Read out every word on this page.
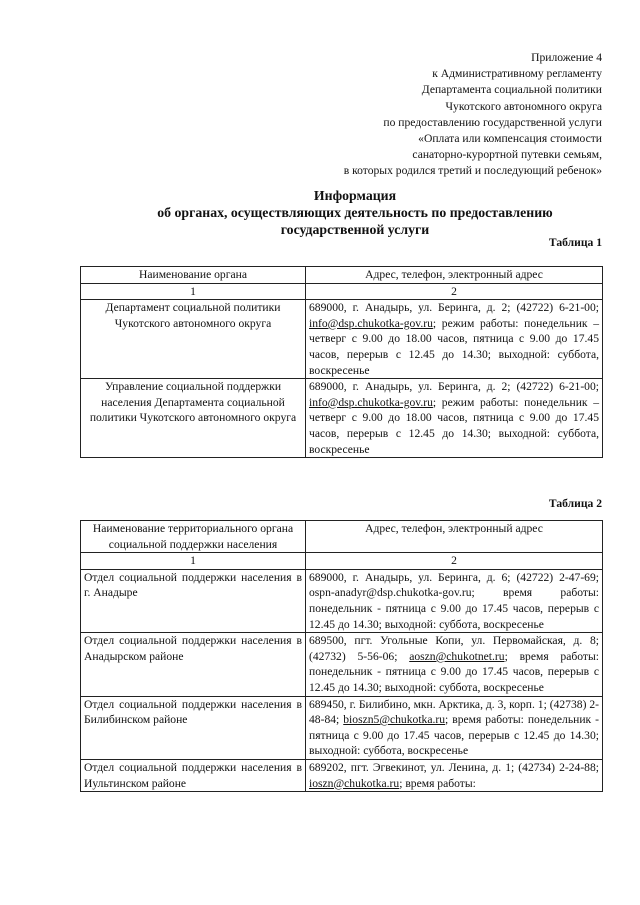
Приложение 4
к Административному регламенту
Департамента социальной политики
Чукотского автономного округа
по предоставлению государственной услуги
«Оплата или компенсация стоимости
санаторно-курортной путевки семьям,
в которых родился третий и последующий ребенок»
Информация
об органах, осуществляющих деятельность по предоставлению
государственной услуги
Таблица 1
Наименование органа	Адрес, телефон, электронный адрес
1	2
Департамент социальной политики Чукотского автономного округа	689000, г. Анадырь, ул. Беринга, д. 2; (42722) 6-21-00; info@dsp.chukotka-gov.ru; режим работы: понедельник – четверг с 9.00 до 18.00 часов, пятница с 9.00 до 17.45 часов, перерыв с 12.45 до 14.30; выходной: суббота, воскресенье
Управление социальной поддержки населения Департамента социальной политики Чукотского автономного округа	689000, г. Анадырь, ул. Беринга, д. 2; (42722) 6-21-00; info@dsp.chukotka-gov.ru; режим работы: понедельник – четверг с 9.00 до 18.00 часов, пятница с 9.00 до 17.45 часов, перерыв с 12.45 до 14.30; выходной: суббота, воскресенье
Таблица 2
Наименование территориального органа социальной поддержки населения	Адрес, телефон, электронный адрес
1	2
Отдел социальной поддержки населения в г. Анадыре	689000, г. Анадырь, ул. Беринга, д. 6; (42722) 2-47-69; ospn-anadyr@dsp.chukotka-gov.ru; время работы: понедельник - пятница с 9.00 до 17.45 часов, перерыв с 12.45 до 14.30; выходной: суббота, воскресенье
Отдел социальной поддержки населения в Анадырском районе	689500, пгт. Угольные Копи, ул. Первомайская, д. 8; (42732) 5-56-06; aoszn@chukotnet.ru; время работы: понедельник - пятница с 9.00 до 17.45 часов, перерыв с 12.45 до 14.30; выходной: суббота, воскресенье
Отдел социальной поддержки населения в Билибинском районе	689450, г. Билибино, мкн. Арктика, д. 3, корп. 1; (42738) 2-48-84; bioszn5@chukotka.ru; время работы: понедельник - пятница с 9.00 до 17.45 часов, перерыв с 12.45 до 14.30; выходной: суббота, воскресенье
Отдел социальной поддержки населения в Иультинском районе	689202, пгт. Эгвекинот, ул. Ленина, д. 1; (42734) 2-24-88; ioszn@chukotka.ru; время работы:
